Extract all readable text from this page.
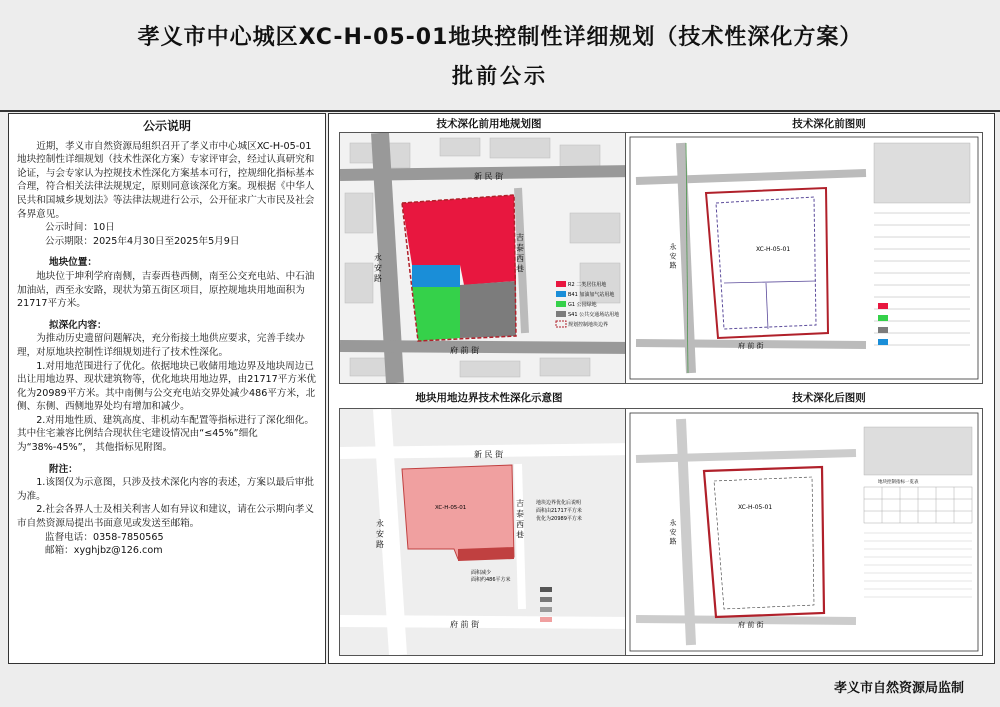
孝义市中心城区XC-H-05-01地块控制性详细规划（技术性深化方案）
批前公示
公示说明

近期，孝义市自然资源局组织召开了孝义市中心城区XC-H-05-01地块控制性详细规划（技术性深化方案）专家评审会，经过认真研究和论证，与会专家认为控规技术性深化方案基本可行，控规细化指标基本合理，符合相关法律法规规定，原则同意该深化方案。现根据《中华人民共和国城乡规划法》等法律法规进行公示，公开征求广大市民及社会各界意见。

公示时间：10日

公示期限：2025年4月30日至2025年5月9日

地块位置：

地块位于坤利学府南侧，吉泰西巷西侧，南至公交充电站、中石油加油站，西至永安路，现状为第五街区项目，原控规地块用地面积为21717平方米。

拟深化内容：

为推动历史遗留问题解决，充分衔接土地供应要求，完善手续办理，对原地块控制性详细规划进行了技术性深化。

1.对用地范围进行了优化。依据地块已收储用地边界及地块周边已出让用地边界、现状建筑物等，优化地块用地边界，由21717平方米优化为20989平方米。其中南侧与公交充电站交界处减少486平方米，北侧、东侧、西侧地界处均有增加和减少。

2.对用地性质、建筑高度、非机动车配置等指标进行了深化细化。其中住宅兼容比例结合现状住宅建设情况由“≤45%”细化为“38%-45%”， 其他指标见附图。

附注：

1.该图仅为示意图，只涉及技术深化内容的表述，方案以最后审批为准。

2.社会各界人士及相关利害人如有异议和建议，请在公示期向孝义市自然资源局提出书面意见或发送至邮箱。

监督电话：0358-7850565

邮箱：xyghjbz@126.com

技术深化前用地规划图	技术深化前图则
地块用地边界技术性深化示意图	技术深化后图则
新 民 街
府 前 街
永 安 路	吉 泰 西 巷
R2 二类居住用地
B41 加油加气站用地
G1 公园绿地
S41 公共交通场站用地
规划控制地块边界
XC-H-05-01
府 前 街
永 安 路
XC-H-05-01
面积减少
面积约486平方米
新 民 街
府 前 街
永 安 路	吉 泰 西 巷 地块边界优化后说明
面积由21717平方米
优化为20989平方米
XC-H-05-01
地块控制指标一览表
府 前 街
永 安 路
孝义市自然资源局监制
